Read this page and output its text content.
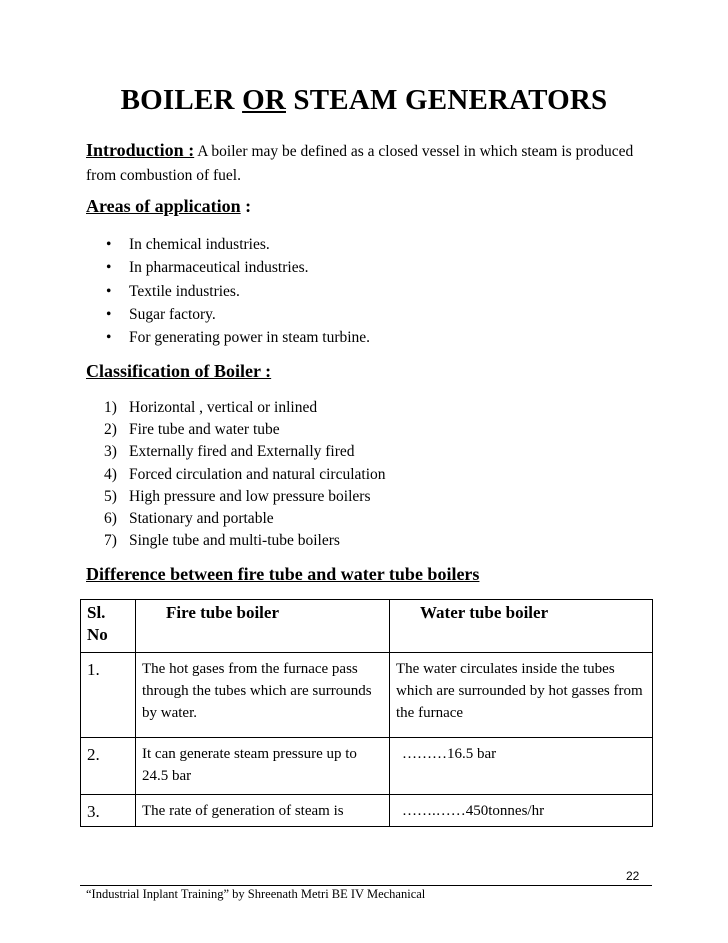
BOILER OR STEAM GENERATORS
Introduction : A boiler may be defined as a closed vessel in which steam is produced from combustion of fuel.
Areas of application :
• In chemical industries.
• In pharmaceutical industries.
• Textile industries.
• Sugar factory.
• For generating power in steam turbine.
Classification of Boiler :
1) Horizontal , vertical or inlined
2) Fire tube and water tube
3) Externally fired and Externally fired
4) Forced circulation and natural circulation
5) High pressure and low pressure boilers
6) Stationary and portable
7) Single tube and multi-tube boilers
Difference between fire tube and water tube boilers
Sl. No	Fire tube boiler	Water tube boiler
1.	The hot gases from the furnace pass through the tubes which are surrounds by water.	The water circulates inside the tubes which are surrounded by hot gasses from the furnace
2.	It can generate steam pressure up to 24.5 bar	………16.5 bar
3.	The rate of generation of steam is	…….……450tonnes/hr
22
“Industrial Inplant Training” by Shreenath Metri BE IV Mechanical
